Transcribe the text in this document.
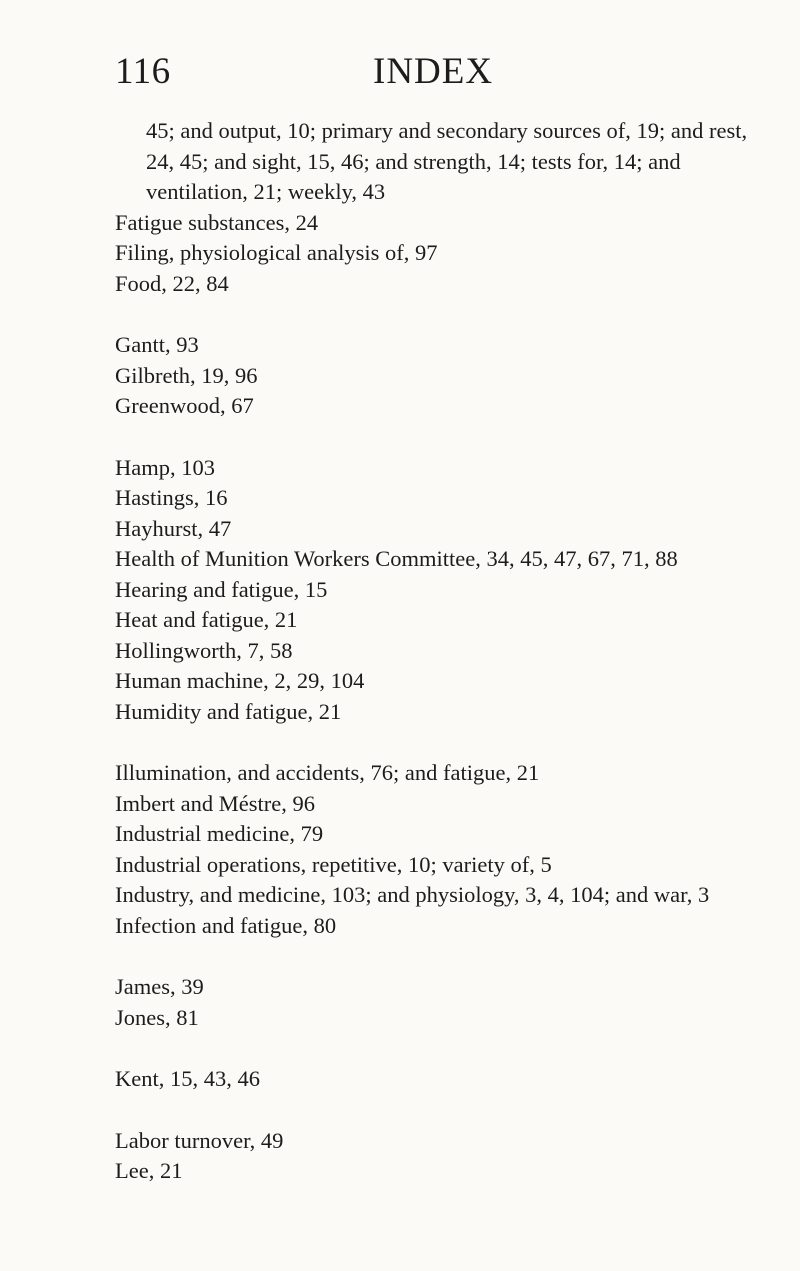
116	INDEX
45; and output, 10; primary and secondary sources of, 19; and rest, 24, 45; and sight, 15, 46; and strength, 14; tests for, 14; and ventilation, 21; weekly, 43
Fatigue substances, 24
Filing, physiological analysis of, 97
Food, 22, 84
Gantt, 93
Gilbreth, 19, 96
Greenwood, 67
Hamp, 103
Hastings, 16
Hayhurst, 47
Health of Munition Workers Committee, 34, 45, 47, 67, 71, 88
Hearing and fatigue, 15
Heat and fatigue, 21
Hollingworth, 7, 58
Human machine, 2, 29, 104
Humidity and fatigue, 21
Illumination, and accidents, 76; and fatigue, 21
Imbert and Méstre, 96
Industrial medicine, 79
Industrial operations, repetitive, 10; variety of, 5
Industry, and medicine, 103; and physiology, 3, 4, 104; and war, 3
Infection and fatigue, 80
James, 39
Jones, 81
Kent, 15, 43, 46
Labor turnover, 49
Lee, 21
